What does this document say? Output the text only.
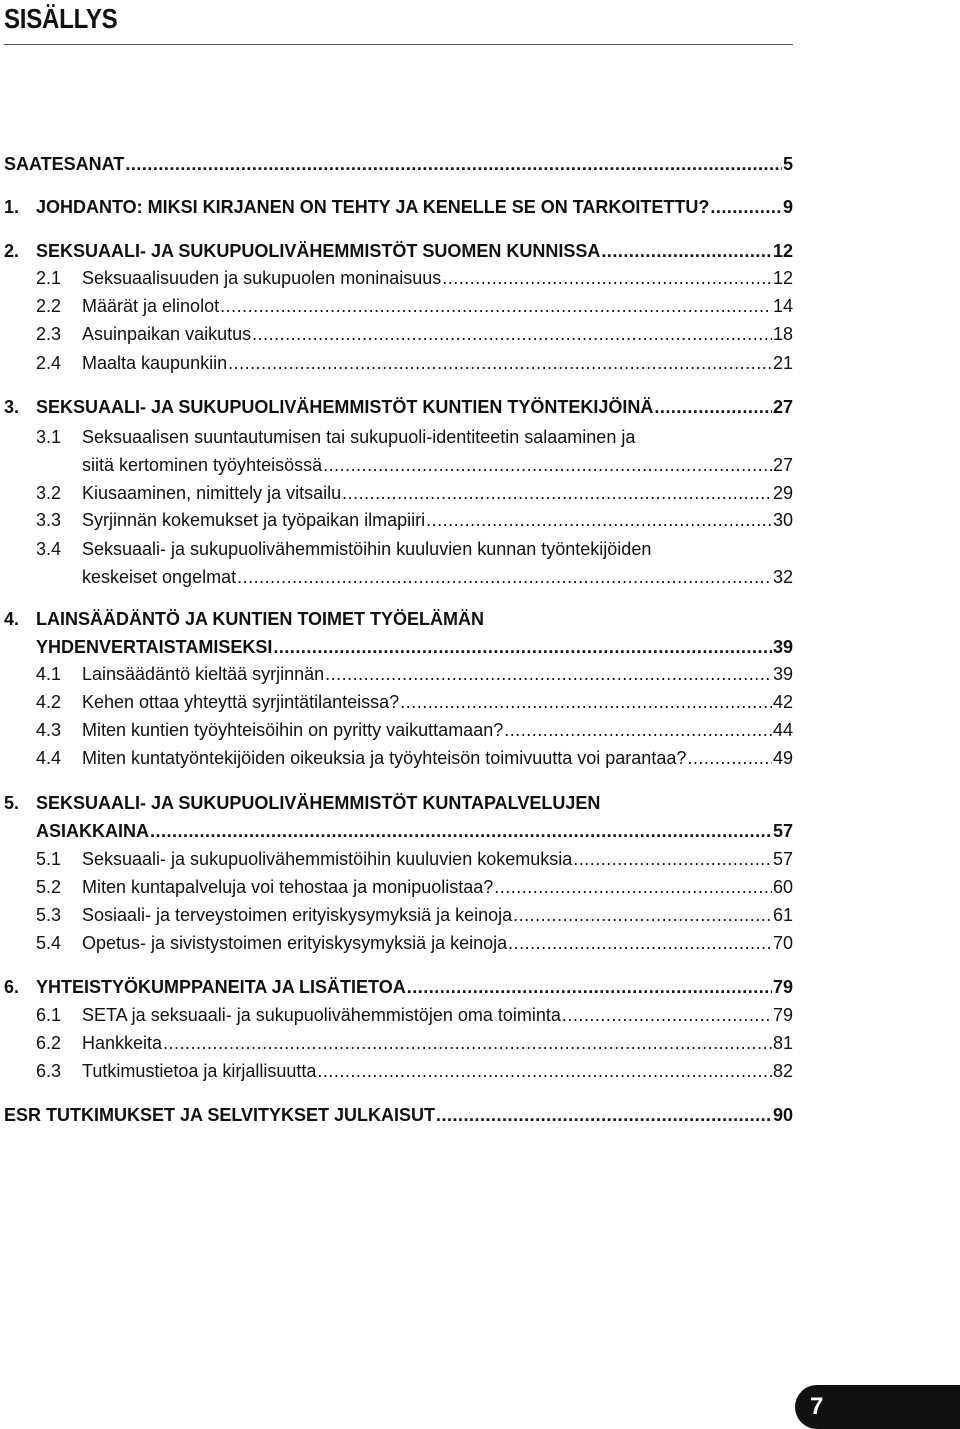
SISÄLLYS
SAATESANAT .....	5
1. JOHDANTO: MIKSI KIRJANEN ON TEHTY JA KENELLE SE ON TARKOITETTU? .....	9
2. SEKSUAALI- JA SUKUPUOLIVÄHEMMISTÖT SUOMEN KUNNISSA .....	12
2.1 Seksuaalisuuden ja sukupuolen moninaisuus .....	12
2.2 Määrät ja elinolot .....	14
2.3 Asuinpaikan vaikutus .....	18
2.4 Maalta kaupunkiin .....	21
3. SEKSUAALI- JA SUKUPUOLIVÄHEMMISTÖT KUNTIEN TYÖNTEKIJÖINÄ .....	27
3.1 Seksuaalisen suuntautumisen tai sukupuoli-identiteetin salaaminen ja
siitä kertominen työyhteisössä .....	27
3.2 Kiusaaminen, nimittely ja vitsailu .....	29
3.3 Syrjinnän kokemukset ja työpaikan ilmapiiri .....	30
3.4 Seksuaali- ja sukupuolivähemmistöihin kuuluvien kunnan työntekijöiden
keskeiset ongelmat .....	32
4. LAINSÄÄDÄNTÖ JA KUNTIEN TOIMET TYÖELÄMÄN
YHDENVERTAISTAMISEKSI .....	39
4.1 Lainsäädäntö kieltää syrjinnän .....	39
4.2 Kehen ottaa yhteyttä syrjintätilanteissa? .....	42
4.3 Miten kuntien työyhteisöihin on pyritty vaikuttamaan? .....	44
4.4 Miten kuntatyöntekijöiden oikeuksia ja työyhteisön toimivuutta voi parantaa? .....	49
5. SEKSUAALI- JA SUKUPUOLIVÄHEMMISTÖT KUNTAPALVELUJEN
ASIAKKAINA .....	57
5.1 Seksuaali- ja sukupuolivähemmistöihin kuuluvien kokemuksia .....	57
5.2 Miten kuntapalveluja voi tehostaa ja monipuolistaa? .....	60
5.3 Sosiaali- ja terveystoimen erityiskysymyksiä ja keinoja .....	61
5.4 Opetus- ja sivistystoimen erityiskysymyksiä ja keinoja .....	70
6. YHTEISTYÖKUMPPANEITA JA LISÄTIETOA .....	79
6.1 SETA ja seksuaali- ja sukupuolivähemmistöjen oma toiminta .....	79
6.2 Hankkeita .....	81
6.3 Tutkimustietoa ja kirjallisuutta .....	82
ESR TUTKIMUKSET JA SELVITYKSET JULKAISUT .....	90
7
